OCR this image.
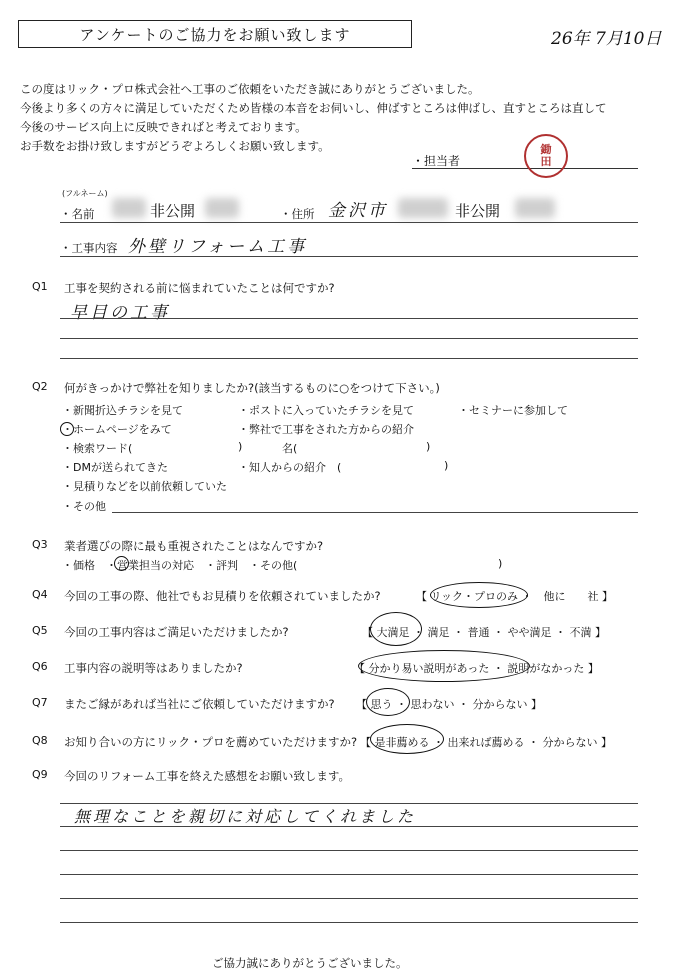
アンケートのご協力をお願い致します	26年 7月10日
この度はリック・プロ株式会社へ工事のご依頼をいただき誠にありがとうございました。
今後より多くの方々に満足していただくため皆様の本音をお伺いし、伸ばすところは伸ばし、直すところは直して
今後のサービス向上に反映できればと考えております。
お手数をお掛け致しますがどうぞよろしくお願い致します。
・担当者
鋤
田
(フルネーム)
・名前	非公開	・住所 金沢市	非公開
・工事内容 外壁リフォーム工事
Q1 工事を契約される前に悩まれていたことは何ですか?
早目の工事
Q2 何がきっかけで弊社を知りましたか?(該当するものに○をつけて下さい。)
・新聞折込チラシを見て	・ポストに入っていたチラシを見て	・セミナーに参加して
・ホームページをみて	・弊社で工事をされた方からの紹介
・検索ワード(	)	名(	)
・DMが送られてきた	・知人からの紹介　(	)
・見積りなどを以前依頼していた
・その他
Q3 業者選びの際に最も重視されたことはなんですか?
・価格　・営業担当の対応　・評判　・その他(	)
Q4 今回の工事の際、他社でもお見積りを依頼されていましたか?	【 リック・プロのみ ・　他に　　社 】
Q5 今回の工事内容はご満足いただけましたか?	【 大満足 ・ 満足 ・ 普通 ・ やや満足 ・ 不満 】
Q6 工事内容の説明等はありましたか?	【 分かり易い説明があった ・ 説明がなかった 】
Q7 またご縁があれば当社にご依頼していただけますか? 【 思う ・ 思わない ・ 分からない 】
Q8 お知り合いの方にリック・プロを薦めていただけますか? 【 是非薦める ・ 出来れば薦める ・ 分からない 】
Q9 今回のリフォーム工事を終えた感想をお願い致します。
無理なことを親切に対応してくれました
ご協力誠にありがとうございました。
